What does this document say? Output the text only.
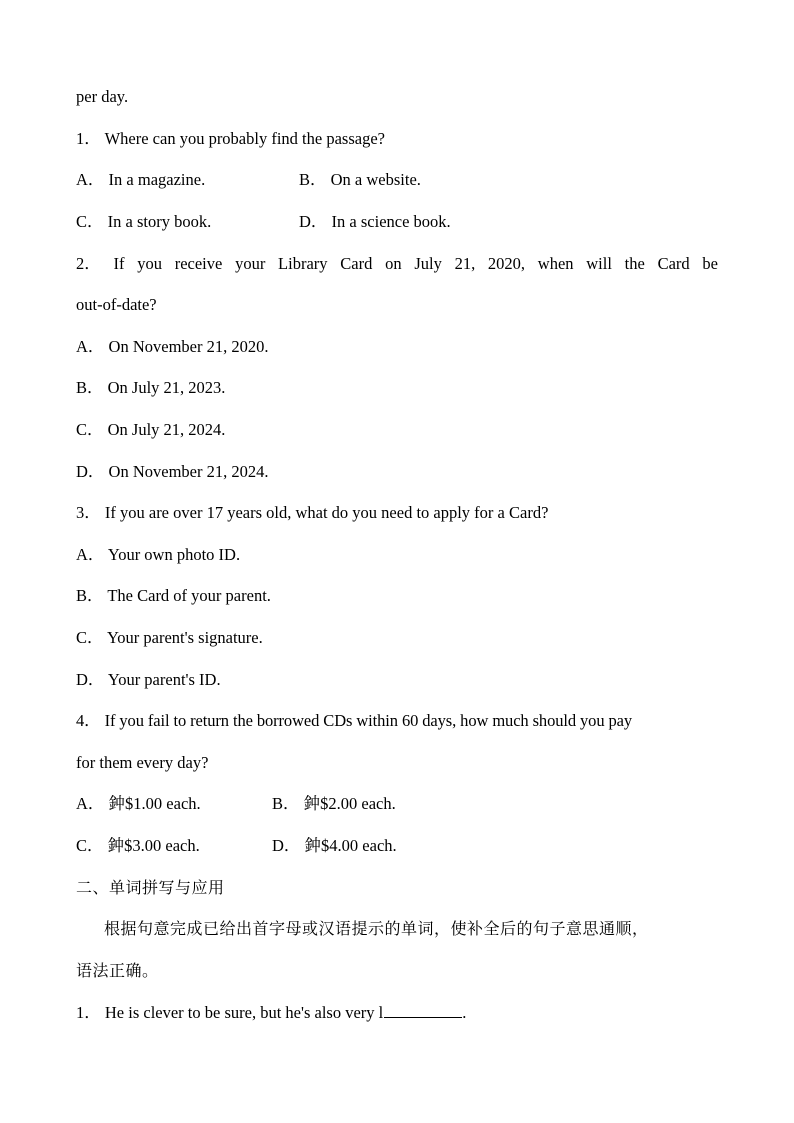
per day.
1． Where can you probably find the passage?
A． In a magazine.	B． On a website.
C． In a story book.	D． In a science book.
2． If you receive your Library Card on July 21, 2020, when will the Card be
out-of-date?
A． On November 21, 2020.
B． On July 21, 2023.
C． On July 21, 2024.
D． On November 21, 2024.
3． If you are over 17 years old, what do you need to apply for a Card?
A． Your own photo ID.
B． The Card of your parent.
C． Your parent's signature.
D． Your parent's ID.
4． If you fail to return the borrowed CDs within 60 days, how much should you pay
for them every day?
A． 鈡$1.00 each.	B． 鈡$2.00 each.
C． 鈡$3.00 each.	D． 鈡$4.00 each.
二、单词拼写与应用
根据句意完成已给出首字母或汉语提示的单词，使补全后的句子意思通顺，
语法正确。
1． He is clever to be sure, but he's also very l	.
